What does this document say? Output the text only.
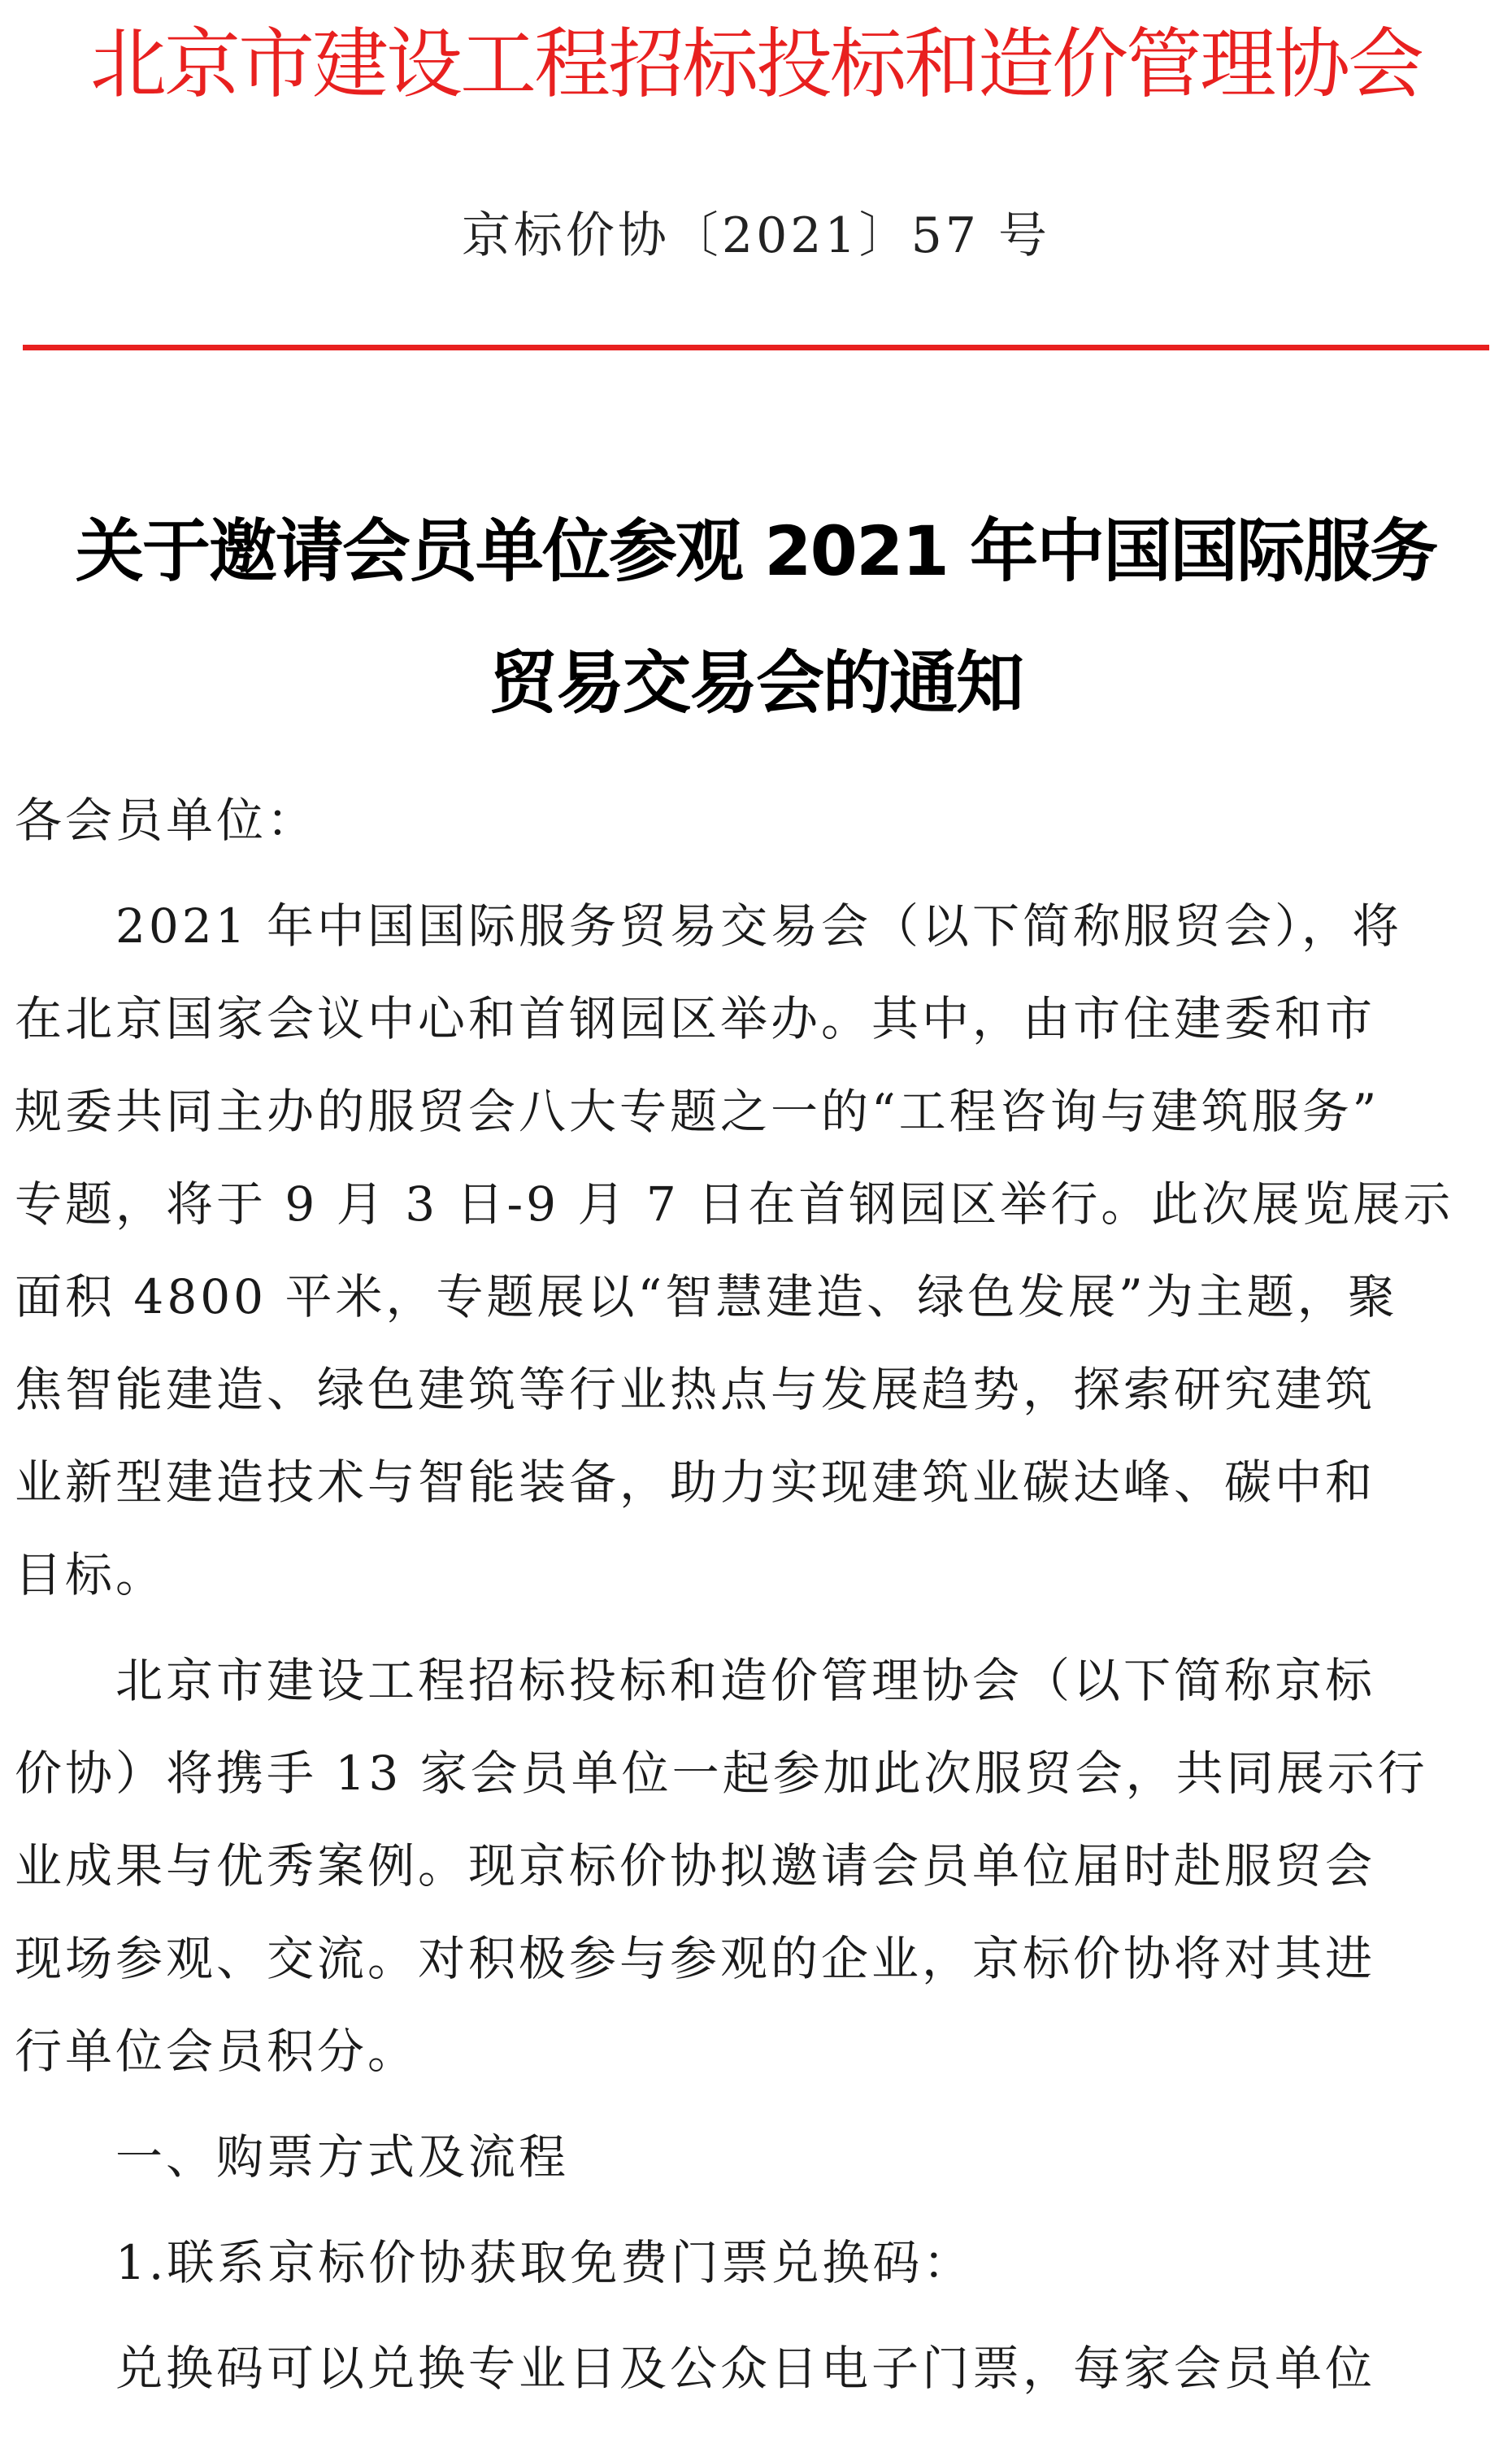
北京市建设工程招标投标和造价管理协会
京标价协〔2021〕57 号
关于邀请会员单位参观 2021 年中国国际服务
贸易交易会的通知
各会员单位：
　　2021 年中国国际服务贸易交易会（以下简称服贸会），将
在北京国家会议中心和首钢园区举办。其中，由市住建委和市
规委共同主办的服贸会八大专题之一的“工程咨询与建筑服务”
专题，将于 9 月 3 日-9 月 7 日在首钢园区举行。此次展览展示
面积 4800 平米，专题展以“智慧建造、绿色发展”为主题，聚
焦智能建造、绿色建筑等行业热点与发展趋势，探索研究建筑
业新型建造技术与智能装备，助力实现建筑业碳达峰、碳中和
目标。
　　北京市建设工程招标投标和造价管理协会（以下简称京标
价协）将携手 13 家会员单位一起参加此次服贸会，共同展示行
业成果与优秀案例。现京标价协拟邀请会员单位届时赴服贸会
现场参观、交流。对积极参与参观的企业，京标价协将对其进
行单位会员积分。
　　一、购票方式及流程
　　1.联系京标价协获取免费门票兑换码：
　　兑换码可以兑换专业日及公众日电子门票，每家会员单位
